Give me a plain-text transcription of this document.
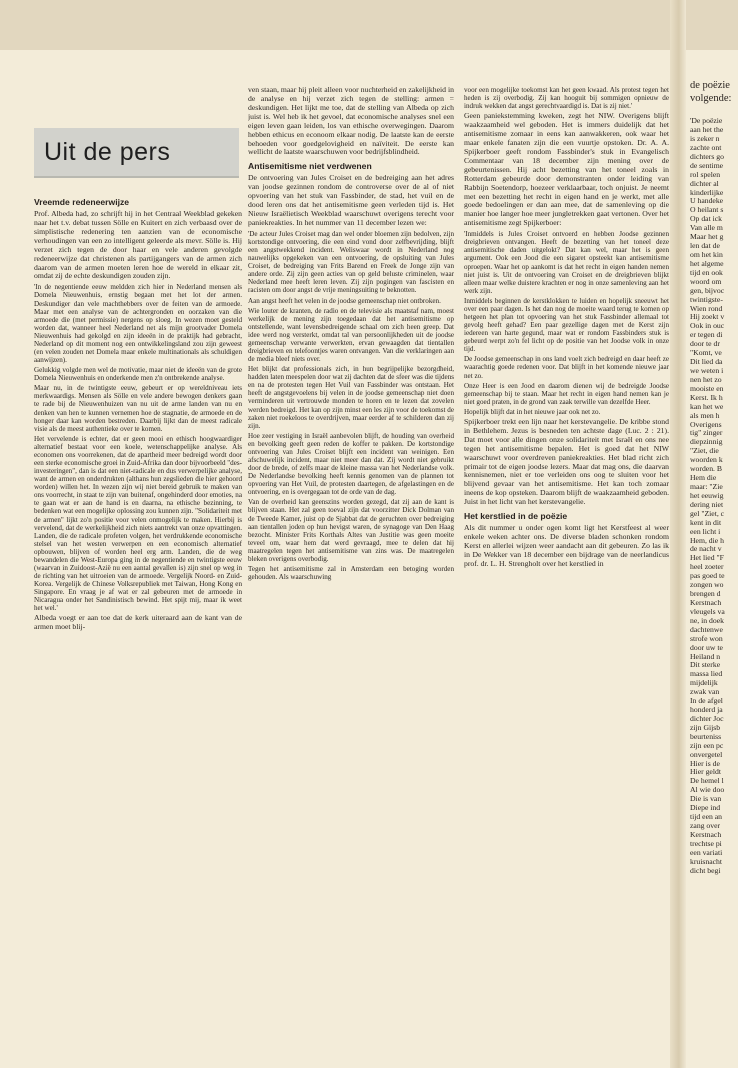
Uit de pers
Vreemde redeneerwijze

Prof. Albeda had, zo schrijft hij in het Centraal Weekblad gekeken naar het t.v. debat tussen Sölle en Kuitert en zich verbaasd over de simplistische redenering ten aanzien van de economische verhoudingen van een zo intelligent geleerde als mevr. Sölle is. Hij verzet zich tegen de door haar en vele anderen gevolgde redeneerwijze dat christenen als partijgangers van de armen zich daarom van de armen moeten leren hoe de wereld in elkaar zit, omdat zij de echte deskundigen zouden zijn.

'In de negentiende eeuw meldden zich hier in Nederland mensen als Domela Nieuwenhuis, ernstig begaan met het lot der armen. Deskundiger dan vele machthebbers over de feiten van de armoede. Maar met een analyse van de achtergronden en oorzaken van die armoede die (met permissie) nergens op sloeg. In wezen moet gesteld worden dat, wanneer heel Nederland net als mijn grootvader Domela Nieuwenhuis had gekolgd en zijn ideeën in de praktijk had gebracht, Nederland op dit moment nog een ontwikkelingsland zou zijn geweest (en velen zouden net Domela maar enkele multinationals als schuldigen aanwijzen).

Gelukkig volgde men wel de motivatie, maar niet de ideeën van de grote Domela Nieuwenhuis en onderkende men z'n ontbrekende analyse.

Maar nu, in de twintigste eeuw, gebeurt er op wereldniveau iets merkwaardigs. Mensen als Sölle en vele andere bewogen denkers gaan te rade bij de Nieuwenhuizen van nu uit de arme landen van nu en denken van hen te kunnen vernemen hoe de stagnatie, de armoede en de honger daar kan worden bestreden. Daarbij lijkt dan de meest radicale visie als de meest authentieke over te komen.

Het vervelende is echter, dat er geen mooi en ethisch hoogwaardiger alternatief bestaat voor een koele, wetenschappelijke analyse. Als economen ons voorrekenen, dat de apartheid meer bedreigd wordt door een sterke economische groei in Zuid-Afrika dan door bijvoorbeeld "des-investeringen", dan is dat een niet-radicale en dus verwerpelijke analyse, want de armen en onderdrukten (althans hun zegslieden die hier gehoord worden) willen het. In wezen zijn wij niet bereid gebruik te maken van ons voorrecht, in staat te zijn van buitenaf, ongehinderd door emoties, na te gaan wat er aan de hand is en daarna, na ethische bezinning, te bedenken wat een mogelijke oplossing zou kunnen zijn. "Solidariteit met de armen" lijkt zo'n positie voor velen onmogelijk te maken. Hierbij is vervelend, dat de werkelijkheid zich niets aantrekt van onze opvattingen. Landen, die de radicale profeten volgen, het verdrukkende economische stelsel van het westen verwerpen en een economisch alternatief opbouwen, blijven of worden heel erg arm. Landen, die de weg bewandelen die West-Europa ging in de negentiende en twintigste eeuw (waarvan in Zuidoost-Azië nu een aantal gevallen is) zijn snel op weg in de richting van het uitroeien van de armoede. Vergelijk Noord- en Zuid-Korea. Vergelijk de Chinese Volksrepubliek met Taiwan, Hong Kong en Singapore. En vraag je af wat er zal gebeuren met de armoede in Nicaragua onder het Sandinistisch bewind. Het spijt mij, maar ik weet het wel.'

Albeda voegt er aan toe dat de kerk uiteraard aan de kant van de armen moet blij-

ven staan, maar hij pleit alleen voor nuchterheid en zakelijkheid in de analyse en hij verzet zich tegen de stelling: armen = deskundigen. Het lijkt me toe, dat de stelling van Albeda op zich juist is. Wel heb ik het gevoel, dat economische analyses snel een eigen leven gaan leiden, los van ethische overwegingen. Daarom hebben ethicus en econoom elkaar nodig. De laatste kan de eerste behoeden voor goedgelovigheid en naïviteit. De eerste kan wellicht de laatste waarschuwen voor bedrijfsblindheid.

Antisemitisme niet verdwenen

De ontvoering van Jules Croiset en de bedreiging aan het adres van joodse gezinnen rondom de controverse over de al of niet opvoering van het stuk van Fassbinder, de stad, het vuil en de dood leren ons dat het antisemitisme geen verleden tijd is. Het Nieuw Israëlietisch Weekblad waarschuwt overigens terecht voor paniekreakties. In het nummer van 11 december lezen we:

'De acteur Jules Croiset mag dan wel onder bloemen zijn bedolven, zijn kortstondige ontvoering, die een eind vond door zelfbevrijding, blijft een angstwekkend incident. Weliswaar wordt in Nederland nog nauwelijks opgekeken van een ontvoering, de opsluiting van Jules Croiset, de bedreiging van Frits Barend en Freek de Jonge zijn van andere orde. Zij zijn geen acties van op geld beluste criminelen, waar Nederland mee heeft leren leven. Zij zijn pogingen van fascisten en racisten om door angst de vrije meningsuiting te beknotten.

Aan angst heeft het velen in de joodse gemeenschap niet ontbroken.

Wie louter de kranten, de radio en de televisie als maatstaf nam, moest werkelijk de mening zijn toegedaan dat het antisemitisme op ontstellende, want levensbedreigende schaal om zich heen greep. Dat idee werd nog versterkt, omdat tal van persoonlijkheden uit de joodse gemeenschap verwante verwerkten, ervan gewaagden dat tientallen dreigbrieven en telefoontjes waren ontvangen. Van die verklaringen aan de media bleef niets over.

Het blijkt dat professionals zich, in hun begrijpelijke bezorgdheid, hadden laten meespelen door wat zij dachten dat de sfeer was die tijdens en na de protesten tegen Het Vuil van Fassbinder was ontstaan. Het heeft de angstgevoelens bij velen in de joodse gemeenschap niet doen verminderen uit vertrouwde monden te horen en te lezen dat zovelen werden bedreigd. Het kan op zijn minst een les zijn voor de toekomst de zaken niet roekeloos te overdrijven, maar eerder af te schilderen dan zij zijn.

Hoe zeer vestiging in Israël aanbevolen blijft, de houding van overheid en bevolking geeft geen reden de koffer te pakken. De kortstondige ontvoering van Jules Croiset blijft een incident van weinigen. Een afschuwelijk incident, maar niet meer dan dat. Zij wordt niet gebruikt door de brede, of zelfs maar de kleine massa van het Nederlandse volk. De Nederlandse bevolking heeft kennis genomen van de plannen tot opvoering van Het Vuil, de protesten daartegen, de afgelastingen en de ontvoering, en is overgegaan tot de orde van de dag.

Van de overheid kan geenszins worden gezegd, dat zij aan de kant is blijven staan. Het zal geen toeval zijn dat voorzitter Dick Dolman van de Tweede Kamer, juist op de Sjabbat dat de geruchten over bedreiging aan tientallen joden op hun hevigst waren, de synagoge van Den Haag bezocht. Minister Frits Korthals Altes van Justitie was geen moeite teveel om, waar hem dat werd gevraagd, mee te delen dat hij maatregelen tegen het antisemitisme van zins was. De maatregelen bleken overigens overbodig.

Tegen het antisemitisme zal in Amsterdam een betoging worden gehouden. Als waarschuwing

voor een mogelijke toekomst kan het geen kwaad. Als protest tegen het heden is zij overbodig. Zij kan hooguit bij sommigen opnieuw de indruk wekken dat angst gerechtvaardigd is. Dat is zij niet.'

Geen paniekstemming kweken, zegt het NIW. Overigens blijft waakzaamheid wel geboden. Het is immers duidelijk dat het antisemitisme zomaar in eens kan aanwakkeren, ook waar het maar enkele fanaten zijn die een vuurtje opstoken. Dr. A. A. Spijkerboer geeft rondom Fassbinder's stuk in Evangelisch Commentaar van 18 december zijn mening over de gebeurtenissen. Hij acht bezetting van het toneel zoals in Rotterdam gebeurde door demonstranten onder leiding van Rabbijn Soetendorp, hoezeer verklaarbaar, toch onjuist. Je neemt met een bezetting het recht in eigen hand en je werkt, met alle goede bedoelingen er dan aan mee, dat de samenleving op die manier hoe langer hoe meer jungletrekken gaat vertonen. Over het antisemitisme zegt Spijkerboer:

'Inmiddels is Jules Croiset ontvoerd en hebben Joodse gezinnen dreigbrieven ontvangen. Heeft de bezetting van het toneel deze antisemitische daden uitgelokt? Dat kan wel, maar het is geen argument. Ook een Jood die een sigaret opsteekt kan antisemitisme oproepen. Waar het op aankomt is dat het recht in eigen handen nemen niet juist is. Uit de ontvoering van Croiset en de dreigbrieven blijkt alleen maar welke duistere krachten er nog in onze samenleving aan het werk zijn.

Inmiddels beginnen de kerstklokken te luiden en hopelijk sneeuwt het over een paar dagen. Is het dan nog de moeite waard terug te komen op hetgeen het plan tot opvoering van het stuk Fassbinder allemaal tot gevolg heeft gehad? Een paar gezellige dagen met de Kerst zijn iedereen van harte gegund, maar wat er rondom Fassbinders stuk is gebeurd werpt zo'n fel licht op de positie van het Joodse volk in onze tijd.

De Joodse gemeenschap in ons land voelt zich bedreigd en daar heeft ze waarachtig goede redenen voor. Dat blijft in het komende nieuwe jaar net zo.

Onze Heer is een Jood en daarom dienen wij de bedreigde Joodse gemeenschap bij te staan. Maar het recht in eigen hand nemen kan je niet goed praten, in de grond van zaak terwille van dezelfde Heer.

Hopelijk blijft dat in het nieuwe jaar ook net zo.

Spijkerboer trekt een lijn naar het kerstevangelie. De kribbe stond in Bethlehem. Jezus is besneden ten achtste dage (Luc. 2 : 21). Dat moet voor alle dingen onze solidariteit met Israël en ons nee tegen het antisemitisme bepalen. Het is goed dat het NIW waarschuwt voor overdreven paniekreakties. Het blad richt zich primair tot de eigen joodse lezers. Maar dat mag ons, die daarvan kennisnemen, niet er toe verleiden ons oog te sluiten voor het blijvend gevaar van het antisemitisme. Het kan toch zomaar ineens de kop opsteken. Daarom blijft de waakzaamheid geboden. Juist in het licht van het kerstevangelie.

Het kerstlied in de poëzie

Als dit nummer u onder ogen komt ligt het Kerstfeest al weer enkele weken achter ons. De diverse bladen schonken rondom Kerst en allerlei wijzen weer aandacht aan dit gebeuren. Zo las ik in De Wekker van 18 december een bijdrage van de neerlandicus prof. dr. L. H. Strengholt over het kerstlied in

de poëzie
volgende:
'De poëzie
aan het the
is zeker n
zachte ont
dichters go
de sentime
rol spelen
dichter al
kinderlijke
U handeke
O heilant s
Op dat ick
Van alle m
Maar het g
len dat de
om het kin
het algeme
tijd en ook
woord om
gen, bijvoc
twintigste-
Wien rond
Hij zoekt v
Ook in ouc
er tegen di
door te dr
"Komt, ve
Dit lied da
we weten i
nen het zo
mooiste en
Kerst. Ik h
kan het we
als men h
Overigens
tig" zinger
diepzinnig
"Ziet, die
woorden k
worden. B
Hem die
maar: "Zie
het eeuwig
dering niet
gel "Ziet, c
kent in dit
een licht i
Hem, die h
de nacht v
Het lied "F
heel zoeter
pas goed te
zongen wo
brengen d
Kerstnach
vleugels va
ne, in doek
dachtenwe
strofe won
door uw te
Heiland n
Dit sterke
massa lied
mijdelijk
zwak van
In de afgel
honderd ja
dichter Joc
zijn Gijsb
beurteniss
zijn een pc
onvergetel
Hier is de
Hier geldt
De hemel l
Al wie doo
Die is van
Diepe ind
tijd een an
zang over
Kerstnach
trechtse pi
een variati
kruisnacht
dicht begi
